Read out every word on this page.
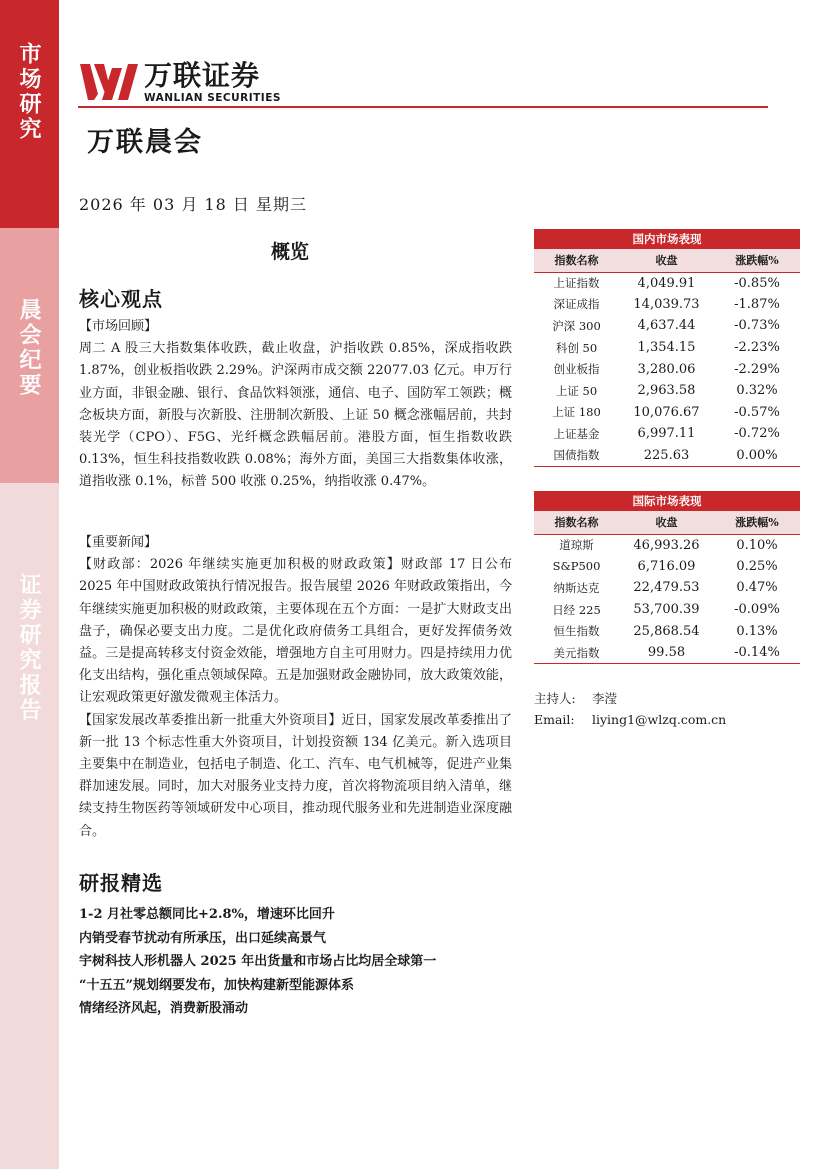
市场研究
晨会纪要
证券研究报告
万联证券
WANLIAN SECURITIES
万联晨会
2026 年 03 月 18 日 星期三
概览
核心观点
【市场回顾】
周二 A 股三大指数集体收跌，截止收盘，沪指收跌 0.85%，深成指收跌 1.87%，创业板指收跌 2.29%。沪深两市成交额 22077.03 亿元。申万行业方面，非银金融、银行、食品饮料领涨，通信、电子、国防军工领跌；概念板块方面，新股与次新股、注册制次新股、上证 50 概念涨幅居前，共封装光学（CPO）、F5G、光纤概念跌幅居前。港股方面，恒生指数收跌 0.13%，恒生科技指数收跌 0.08%；海外方面，美国三大指数集体收涨，道指收涨 0.1%，标普 500 收涨 0.25%，纳指收涨 0.47%。
【重要新闻】
【财政部：2026 年继续实施更加积极的财政政策】财政部 17 日公布 2025 年中国财政政策执行情况报告。报告展望 2026 年财政政策指出，今年继续实施更加积极的财政政策，主要体现在五个方面：一是扩大财政支出盘子，确保必要支出力度。二是优化政府债务工具组合，更好发挥债务效益。三是提高转移支付资金效能，增强地方自主可用财力。四是持续用力优化支出结构，强化重点领域保障。五是加强财政金融协同，放大政策效能，让宏观政策更好激发微观主体活力。
【国家发展改革委推出新一批重大外资项目】近日，国家发展改革委推出了新一批 13 个标志性重大外资项目，计划投资额 134 亿美元。新入选项目主要集中在制造业，包括电子制造、化工、汽车、电气机械等，促进产业集群加速发展。同时，加大对服务业支持力度，首次将物流项目纳入清单，继续支持生物医药等领域研发中心项目，推动现代服务业和先进制造业深度融合。
研报精选
1-2 月社零总额同比+2.8%，增速环比回升
内销受春节扰动有所承压，出口延续高景气
宇树科技人形机器人 2025 年出货量和市场占比均居全球第一
“十五五”规划纲要发布，加快构建新型能源体系
情绪经济风起，消费新股涌动
国内市场表现		
指数名称	收盘	涨跌幅%
上证指数	4,049.91	-0.85%
深证成指	14,039.73	-1.87%
沪深 300	4,637.44	-0.73%
科创 50	1,354.15	-2.23%
创业板指	3,280.06	-2.29%
上证 50	2,963.58	0.32%
上证 180	10,076.67	-0.57%
上证基金	6,997.11	-0.72%
国债指数	225.63	0.00%
国际市场表现		
指数名称	收盘	涨跌幅%
道琼斯	46,993.26	0.10%
S&P500	6,716.09	0.25%
纳斯达克	22,479.53	0.47%
日经 225	53,700.39	-0.09%
恒生指数	25,868.54	0.13%
美元指数	99.58	-0.14%
主持人: 李滢
Email: liying1@wlzq.com.cn
